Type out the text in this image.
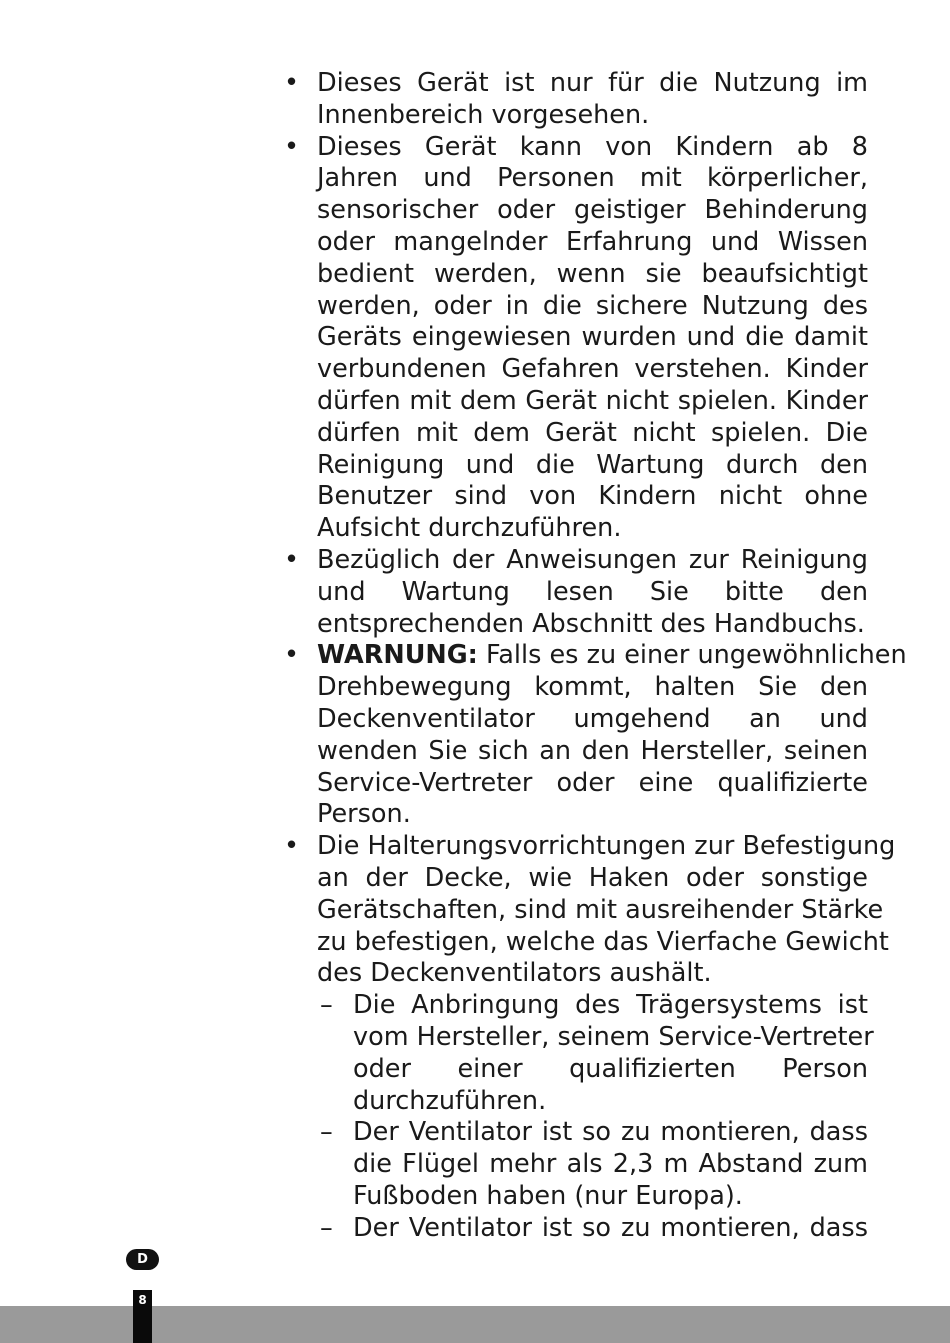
• Dieses Gerät ist nur für die Nutzung im
Innenbereich vorgesehen.
• Dieses Gerät kann von Kindern ab 8
Jahren und Personen mit körperlicher,
sensorischer oder geistiger Behinderung
oder mangelnder Erfahrung und Wissen
bedient werden, wenn sie beaufsichtigt
werden, oder in die sichere Nutzung des
Geräts eingewiesen wurden und die damit
verbundenen Gefahren verstehen. Kinder
dürfen mit dem Gerät nicht spielen. Kinder
dürfen mit dem Gerät nicht spielen. Die
Reinigung und die Wartung durch den
Benutzer sind von Kindern nicht ohne
Aufsicht durchzuführen.
• Bezüglich der Anweisungen zur Reinigung
und Wartung lesen Sie bitte den
entsprechenden Abschnitt des Handbuchs.
• WARNUNG: Falls es zu einer ungewöhnlichen
Drehbewegung kommt, halten Sie den
Deckenventilator umgehend an und
wenden Sie sich an den Hersteller, seinen
Service-Vertreter oder eine qualifizierte
Person.
• Die Halterungsvorrichtungen zur Befestigung
an der Decke, wie Haken oder sonstige
Gerätschaften, sind mit ausreihender Stärke
zu befestigen, welche das Vierfache Gewicht
des Deckenventilators aushält.
– Die Anbringung des Trägersystems ist
vom Hersteller, seinem Service-Vertreter
oder einer qualifizierten Person
durchzuführen.
– Der Ventilator ist so zu montieren, dass
die Flügel mehr als 2,3 m Abstand zum
Fußboden haben (nur Europa).
– Der Ventilator ist so zu montieren, dass
D
8
